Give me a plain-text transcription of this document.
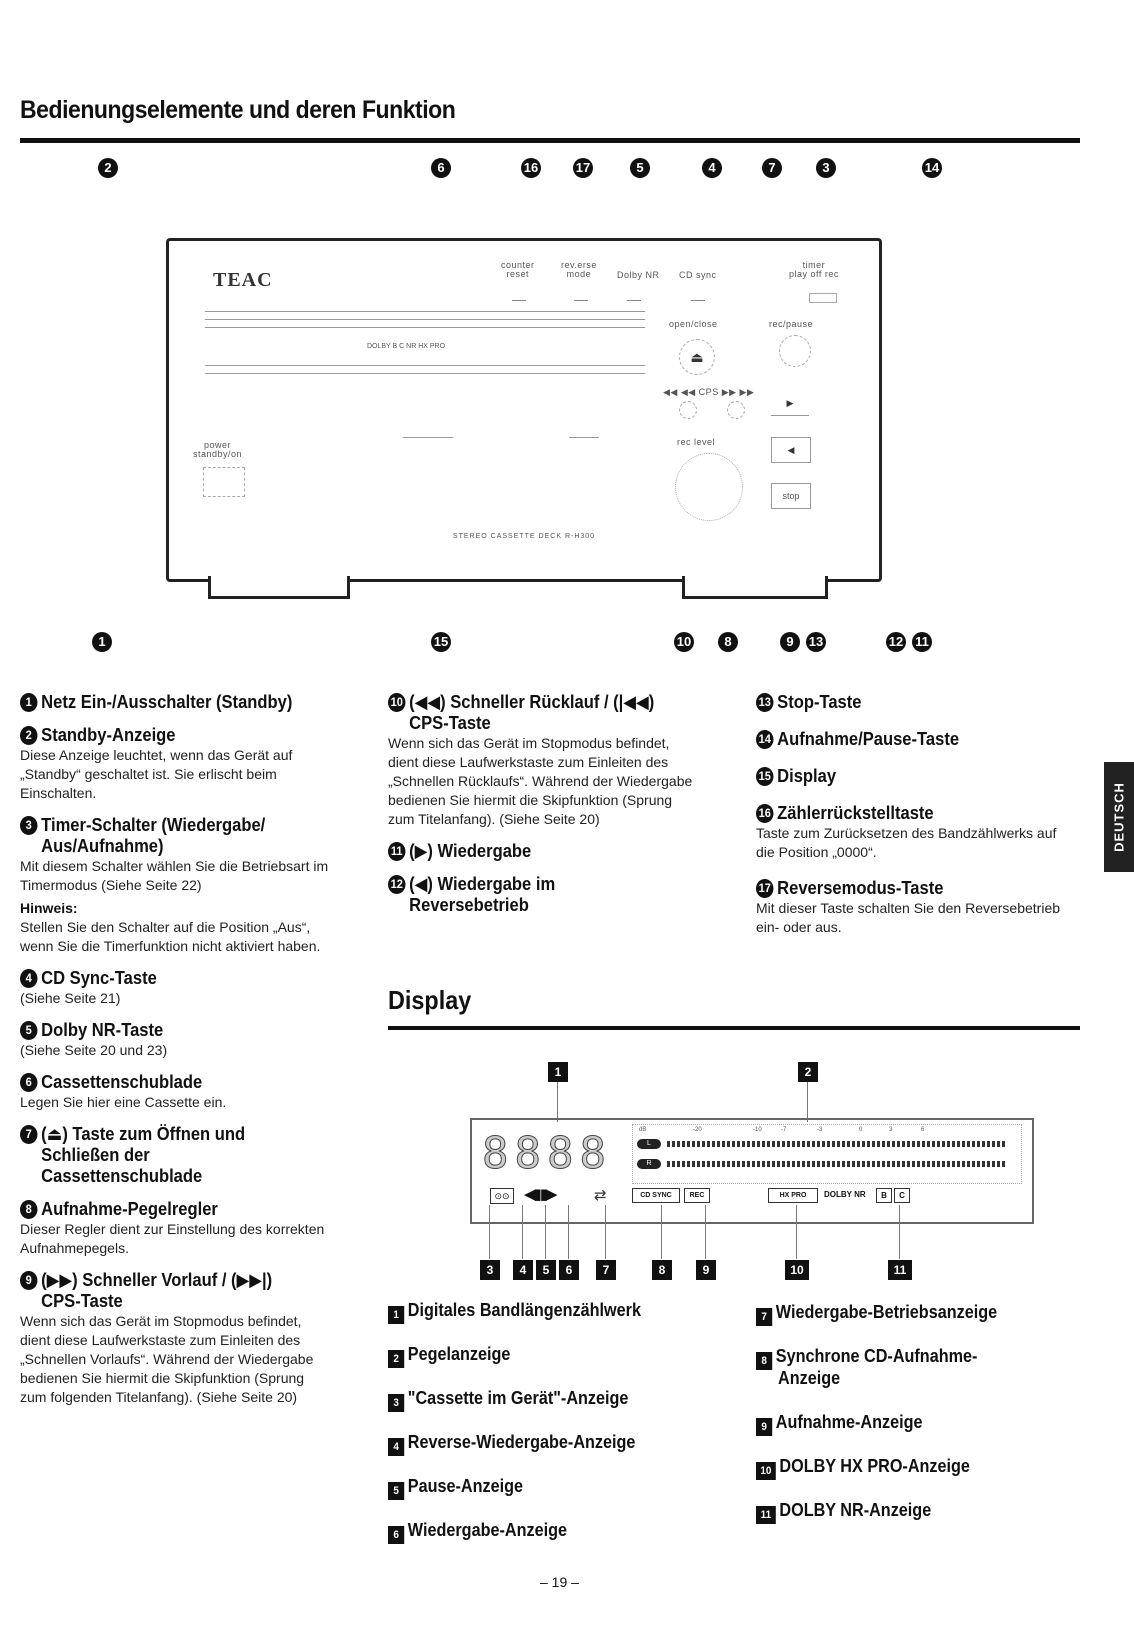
Bedienungselemente und deren Funktion
2	6	16	17	5	4	7	3	14
TEAC
counter
reset
rev.erse
mode	Dolby NR CD sync
timer
play off rec
DOLBY B C NR HX PRO
open/close
⏏
rec/pause
◀◀ ◀◀ CPS ▶▶ ▶▶
▶
◀
rec level
stop
power
standby/on
STEREO CASSETTE DECK R-H300
1	15	10	8	9	13	12 11
1 Netz Ein-/Ausschalter (Standby)
2 Standby-Anzeige
Diese Anzeige leuchtet, wenn das Gerät auf „Standby“ geschaltet ist. Sie erlischt beim Einschalten.
3 Timer-Schalter (Wiedergabe/
Aus/Aufnahme)
Mit diesem Schalter wählen Sie die Betriebsart im Timermodus (Siehe Seite 22)
Hinweis:
Stellen Sie den Schalter auf die Position „Aus“, wenn Sie die Timerfunktion nicht aktiviert haben.
4 CD Sync-Taste
(Siehe Seite 21)
5 Dolby NR-Taste
(Siehe Seite 20 und 23)
6 Cassettenschublade
Legen Sie hier eine Cassette ein.
7 (⏏) Taste zum Öffnen und
Schließen der
Cassettenschublade
8 Aufnahme-Pegelregler
Dieser Regler dient zur Einstellung des korrekten Aufnahmepegels.
9 (▶▶) Schneller Vorlauf / (▶▶|)
CPS-Taste
Wenn sich das Gerät im Stopmodus befindet, dient diese Laufwerkstaste zum Einleiten des „Schnellen Vorlaufs“. Während der Wiedergabe bedienen Sie hiermit die Skipfunktion (Sprung zum folgenden Titelanfang). (Siehe Seite 20)
10 (◀◀) Schneller Rücklauf / (|◀◀)
CPS-Taste
Wenn sich das Gerät im Stopmodus befindet, dient diese Laufwerkstaste zum Einleiten des „Schnellen Rücklaufs“. Während der Wiedergabe bedienen Sie hiermit die Skipfunktion (Sprung zum Titelanfang). (Siehe Seite 20)
11 (▶) Wiedergabe
12 (◀) Wiedergabe im
Reversebetrieb
13 Stop-Taste
14 Aufnahme/Pause-Taste
15 Display
16 Zählerrückstelltaste
Taste zum Zurücksetzen des Bandzählwerks auf die Position „0000“.
17 Reversemodus-Taste
Mit dieser Taste schalten Sie den Reversebetrieb ein- oder aus.
DEUTSCH
Display
1	2
8888	dB	-20	-10	-7	-3	0	3	6
L
R
⊙⊙ ◀▮▮▶	⇄	CD SYNC	REC	HX PRO	DOLBY NR	B	C
3	4	5	6	7	8	9	10	11
1 Digitales Bandlängenzählwerk
2 Pegelanzeige
3 "Cassette im Gerät"-Anzeige
4 Reverse-Wiedergabe-Anzeige
5 Pause-Anzeige
6 Wiedergabe-Anzeige
7 Wiedergabe-Betriebsanzeige
8 Synchrone CD-Aufnahme-
Anzeige
9 Aufnahme-Anzeige
10 DOLBY HX PRO-Anzeige
11 DOLBY NR-Anzeige
– 19 –
